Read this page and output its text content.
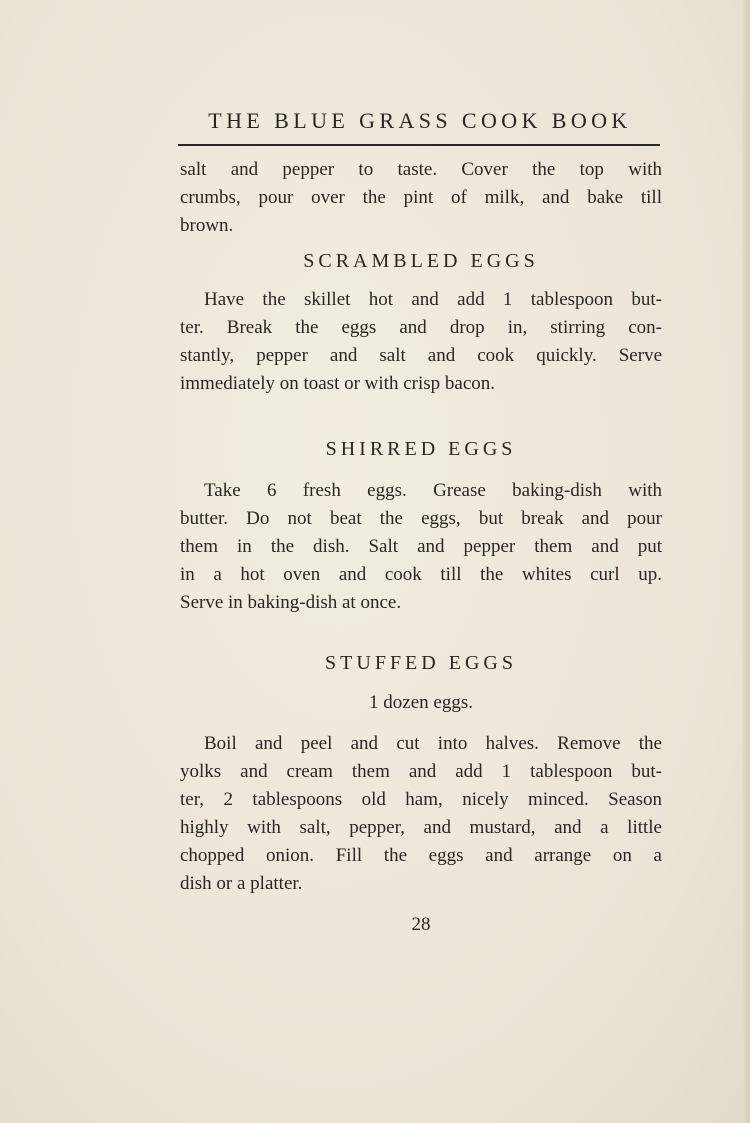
THE BLUE GRASS COOK BOOK
salt and pepper to taste. Cover the top with
crumbs, pour over the pint of milk, and bake till
brown.
SCRAMBLED EGGS
Have the skillet hot and add 1 tablespoon but-
ter. Break the eggs and drop in, stirring con-
stantly, pepper and salt and cook quickly. Serve
immediately on toast or with crisp bacon.
SHIRRED EGGS
Take 6 fresh eggs. Grease baking-dish with
butter. Do not beat the eggs, but break and pour
them in the dish. Salt and pepper them and put
in a hot oven and cook till the whites curl up.
Serve in baking-dish at once.
STUFFED EGGS
1 dozen eggs.
Boil and peel and cut into halves. Remove the
yolks and cream them and add 1 tablespoon but-
ter, 2 tablespoons old ham, nicely minced. Season
highly with salt, pepper, and mustard, and a little
chopped onion. Fill the eggs and arrange on a
dish or a platter.
28
